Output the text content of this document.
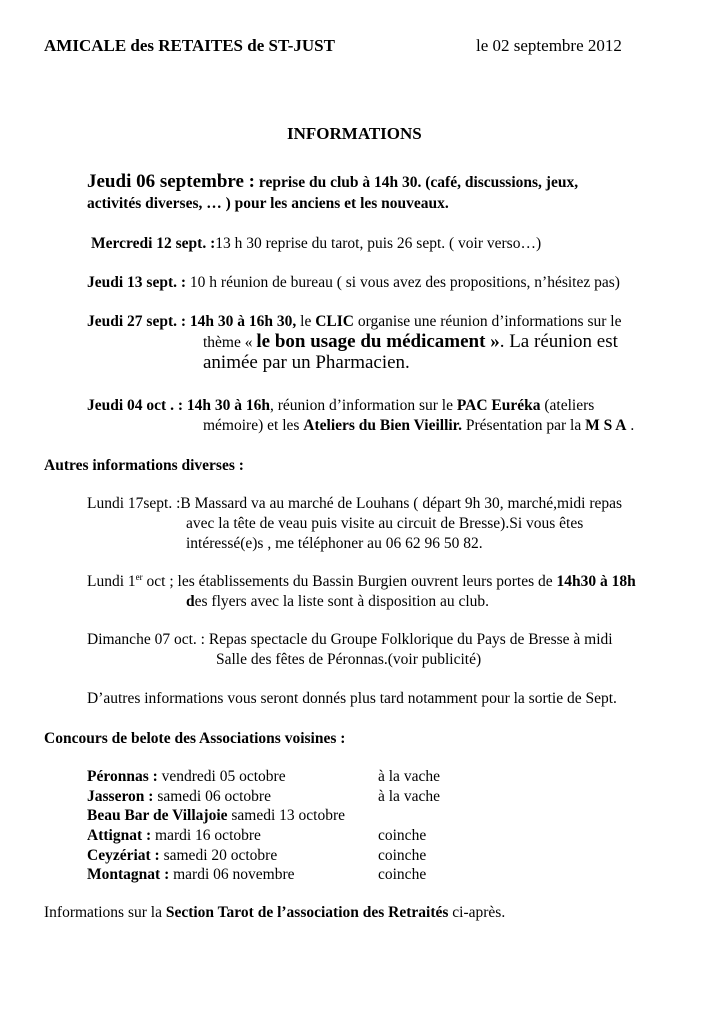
AMICALE des RETAITES de ST-JUST	le 02 septembre 2012
INFORMATIONS
Jeudi 06 septembre : reprise du club à 14h 30. (café, discussions, jeux,
activités diverses, … ) pour les anciens et les nouveaux.
Mercredi 12 sept. :13 h 30 reprise du tarot, puis 26 sept. ( voir verso…)
Jeudi 13 sept. : 10 h réunion de bureau ( si vous avez des propositions, n’hésitez pas)
Jeudi 27 sept. : 14h 30 à 16h 30, le CLIC organise une réunion d’informations sur le
thème « le bon usage du médicament ». La réunion est
animée par un Pharmacien.
Jeudi 04 oct . : 14h 30 à 16h, réunion d’information sur le PAC Euréka (ateliers
mémoire) et les Ateliers du Bien Vieillir. Présentation par la M S A .
Autres informations diverses :
Lundi 17sept. :B Massard va au marché de Louhans ( départ 9h 30, marché,midi repas
avec la tête de veau puis visite au circuit de Bresse).Si vous êtes
intéressé(e)s , me téléphoner au 06 62 96 50 82.
Lundi 1er oct ; les établissements du Bassin Burgien ouvrent leurs portes de 14h30 à 18h
des flyers avec la liste sont à disposition au club.
Dimanche 07 oct. : Repas spectacle du Groupe Folklorique du Pays de Bresse à midi
Salle des fêtes de Péronnas.(voir publicité)
D’autres informations vous seront donnés plus tard notamment pour la sortie de Sept.
Concours de belote des Associations voisines :
Péronnas : vendredi 05 octobre	à la vache
Jasseron : samedi 06 octobre	à la vache
Beau Bar de Villajoie samedi 13 octobre
Attignat : mardi 16 octobre	coinche
Ceyzériat : samedi 20 octobre	coinche
Montagnat : mardi 06 novembre	coinche
Informations sur la Section Tarot de l’association des Retraités ci-après.
